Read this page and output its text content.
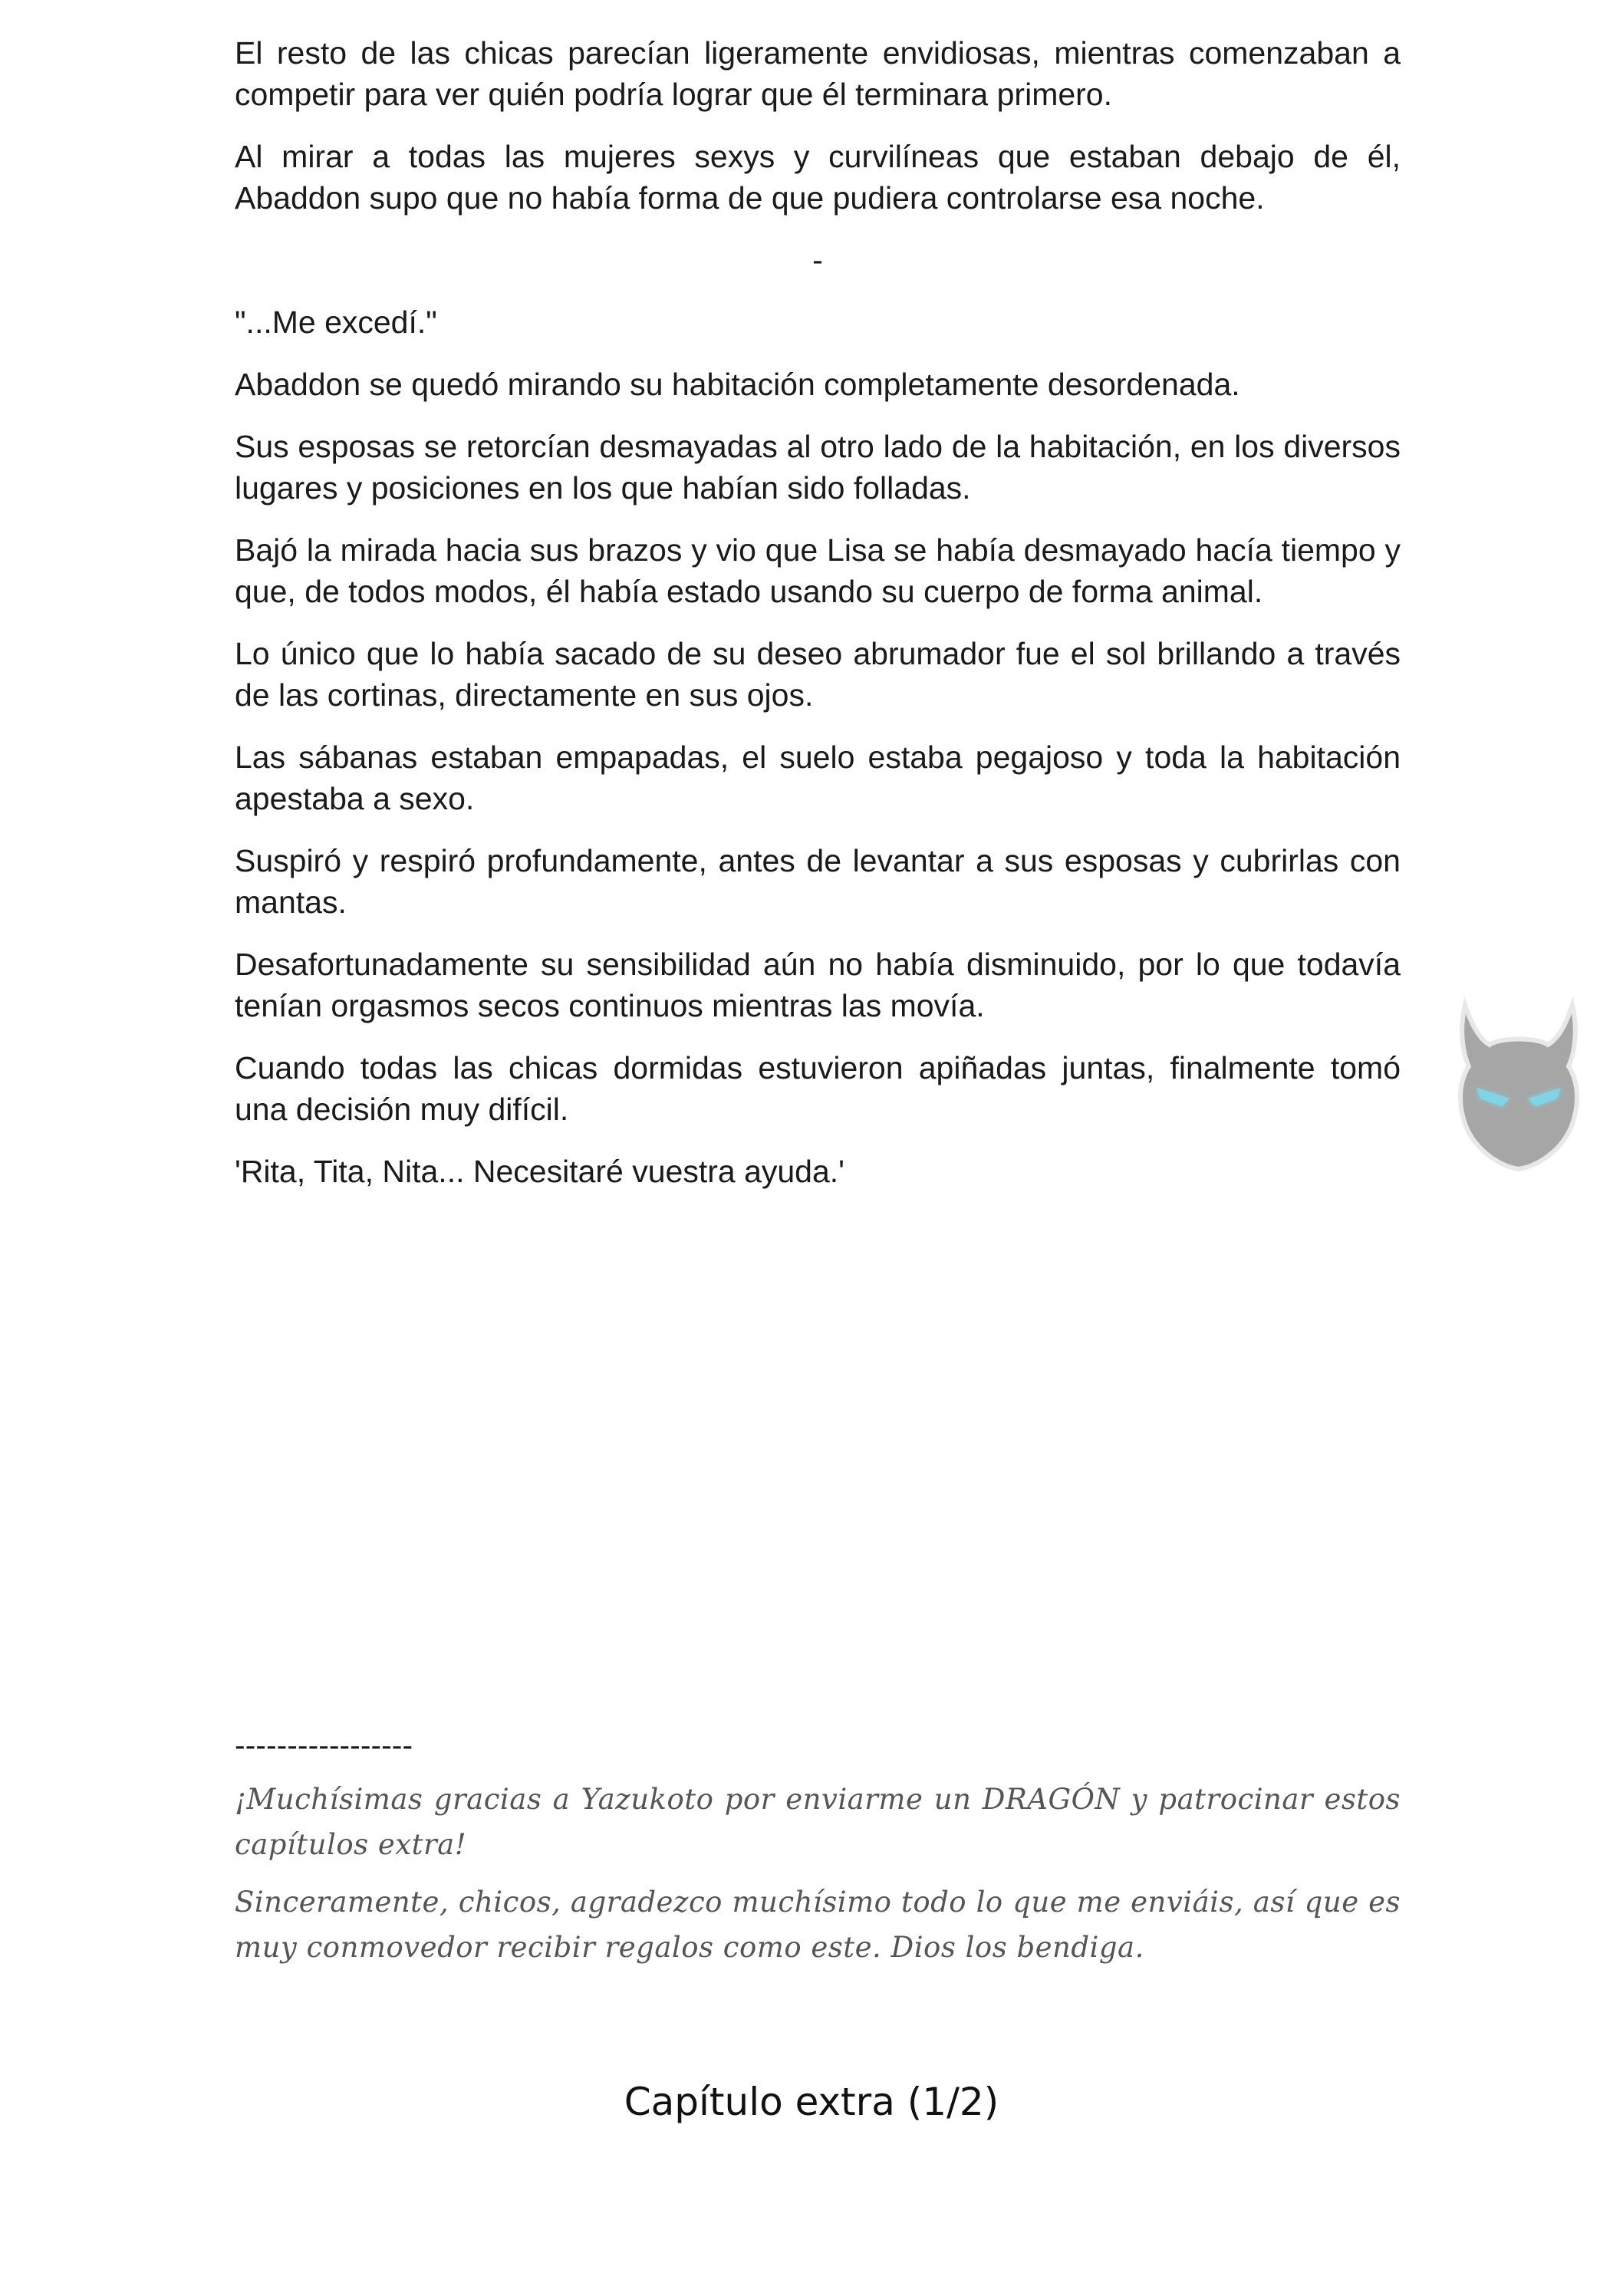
El resto de las chicas parecían ligeramente envidiosas, mientras comenzaban a competir para ver quién podría lograr que él terminara primero.

Al mirar a todas las mujeres sexys y curvilíneas que estaban debajo de él, Abaddon supo que no había forma de que pudiera controlarse esa noche.

-

"...Me excedí."

Abaddon se quedó mirando su habitación completamente desordenada.

Sus esposas se retorcían desmayadas al otro lado de la habitación, en los diversos lugares y posiciones en los que habían sido folladas.

Bajó la mirada hacia sus brazos y vio que Lisa se había desmayado hacía tiempo y que, de todos modos, él había estado usando su cuerpo de forma animal.

Lo único que lo había sacado de su deseo abrumador fue el sol brillando a través de las cortinas, directamente en sus ojos.

Las sábanas estaban empapadas, el suelo estaba pegajoso y toda la habitación apestaba a sexo.

Suspiró y respiró profundamente, antes de levantar a sus esposas y cubrirlas con mantas.

Desafortunadamente su sensibilidad aún no había disminuido, por lo que todavía tenían orgasmos secos continuos mientras las movía.

Cuando todas las chicas dormidas estuvieron apiñadas juntas, finalmente tomó una decisión muy difícil.

'Rita, Tita, Nita... Necesitaré vuestra ayuda.'

-----------------

¡Muchísimas gracias a Yazukoto por enviarme un DRAGÓN y patrocinar estos capítulos extra!

Sinceramente, chicos, agradezco muchísimo todo lo que me enviáis, así que es muy conmovedor recibir regalos como este. Dios los bendiga.

Capítulo extra (1/2)
